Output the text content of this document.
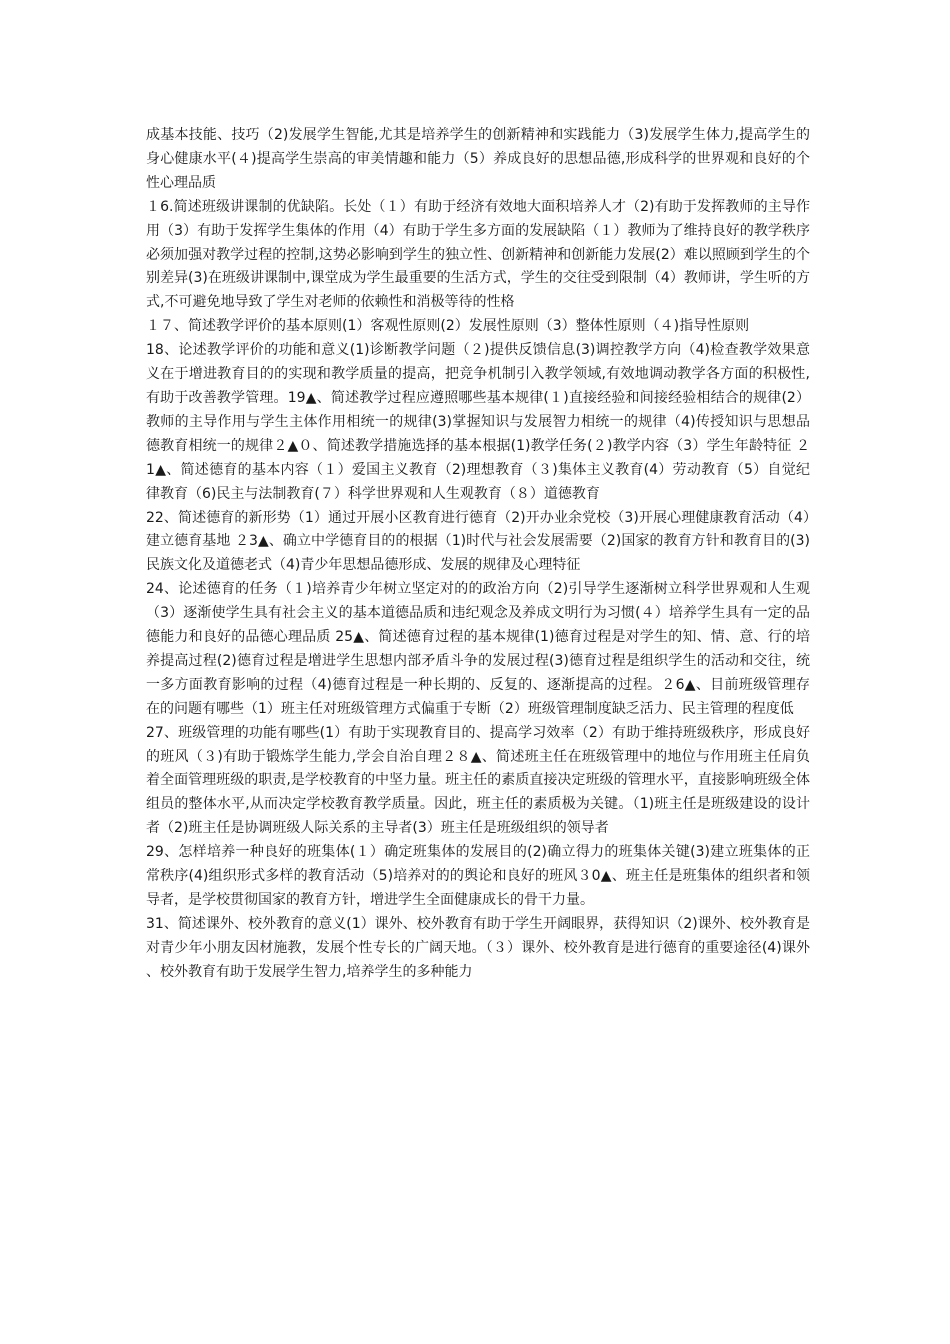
成基本技能、技巧（2)发展学生智能,尤其是培养学生的创新精神和实践能力（3)发展学生体力,提高学生的身心健康水平(４)提高学生崇高的审美情趣和能力（5）养成良好的思想品德,形成科学的世界观和良好的个性心理品质

１6.简述班级讲课制的优缺陷。长处（１）有助于经济有效地大面积培养人才（2)有助于发挥教师的主导作用（3）有助于发挥学生集体的作用（4）有助于学生多方面的发展缺陷（１）教师为了维持良好的教学秩序必须加强对教学过程的控制,这势必影响到学生的独立性、创新精神和创新能力发展(2）难以照顾到学生的个别差异(3)在班级讲课制中,课堂成为学生最重要的生活方式，学生的交往受到限制（4）教师讲，学生听的方式,不可避免地导致了学生对老师的依赖性和消极等待的性格

１７、简述教学评价的基本原则(1）客观性原则(2）发展性原则（3）整体性原则（４)指导性原则

18、论述教学评价的功能和意义(1)诊断教学问题（２)提供反馈信息(3)调控教学方向（4)检查教学效果意义在于增进教育目的的实现和教学质量的提高，把竞争机制引入教学领域,有效地调动教学各方面的积极性,有助于改善教学管理。19▲、简述教学过程应遵照哪些基本规律(１)直接经验和间接经验相结合的规律(2）教师的主导作用与学生主体作用相统一的规律(3)掌握知识与发展智力相统一的规律（4)传授知识与思想品德教育相统一的规律２▲０、简述教学措施选择的基本根据(1)教学任务(２)教学内容（3）学生年龄特征 ２1▲、简述德育的基本内容（１）爱国主义教育（2)理想教育（３)集体主义教育(4）劳动教育（5）自觉纪律教育（6)民主与法制教育(７）科学世界观和人生观教育（８）道德教育

22、简述德育的新形势（1）通过开展小区教育进行德育（2)开办业余党校（3)开展心理健康教育活动（4）建立德育基地 ２3▲、确立中学德育目的的根据（1)时代与社会发展需要（2)国家的教育方针和教育目的(3)民族文化及道德老式（4)青少年思想品德形成、发展的规律及心理特征

24、论述德育的任务（１)培养青少年树立坚定对的的政治方向（2)引导学生逐渐树立科学世界观和人生观（3）逐渐使学生具有社会主义的基本道德品质和违纪观念及养成文明行为习惯(４）培养学生具有一定的品德能力和良好的品德心理品质 25▲、简述德育过程的基本规律(1)德育过程是对学生的知、情、意、行的培养提高过程(2)德育过程是增进学生思想内部矛盾斗争的发展过程(3)德育过程是组织学生的活动和交往，统一多方面教育影响的过程（4)德育过程是一种长期的、反复的、逐渐提高的过程。２6▲、目前班级管理存在的问题有哪些（1）班主任对班级管理方式偏重于专断（2）班级管理制度缺乏活力、民主管理的程度低

27、班级管理的功能有哪些(1）有助于实现教育目的、提高学习效率（2）有助于维持班级秩序，形成良好的班风（３)有助于锻炼学生能力,学会自治自理２８▲、简述班主任在班级管理中的地位与作用班主任肩负着全面管理班级的职责,是学校教育的中坚力量。班主任的素质直接决定班级的管理水平，直接影响班级全体组员的整体水平,从而决定学校教育教学质量。因此，班主任的素质极为关键。（1)班主任是班级建设的设计者（2)班主任是协调班级人际关系的主导者(3）班主任是班级组织的领导者

29、怎样培养一种良好的班集体(１）确定班集体的发展目的(2)确立得力的班集体关键(3)建立班集体的正常秩序(4)组织形式多样的教育活动（5)培养对的的舆论和良好的班风３0▲、班主任是班集体的组织者和领导者，是学校贯彻国家的教育方针，增进学生全面健康成长的骨干力量。

31、简述课外、校外教育的意义(1）课外、校外教育有助于学生开阔眼界，获得知识（2)课外、校外教育是对青少年小朋友因材施教，发展个性专长的广阔天地。（３）课外、校外教育是进行德育的重要途径(4)课外、校外教育有助于发展学生智力,培养学生的多种能力
